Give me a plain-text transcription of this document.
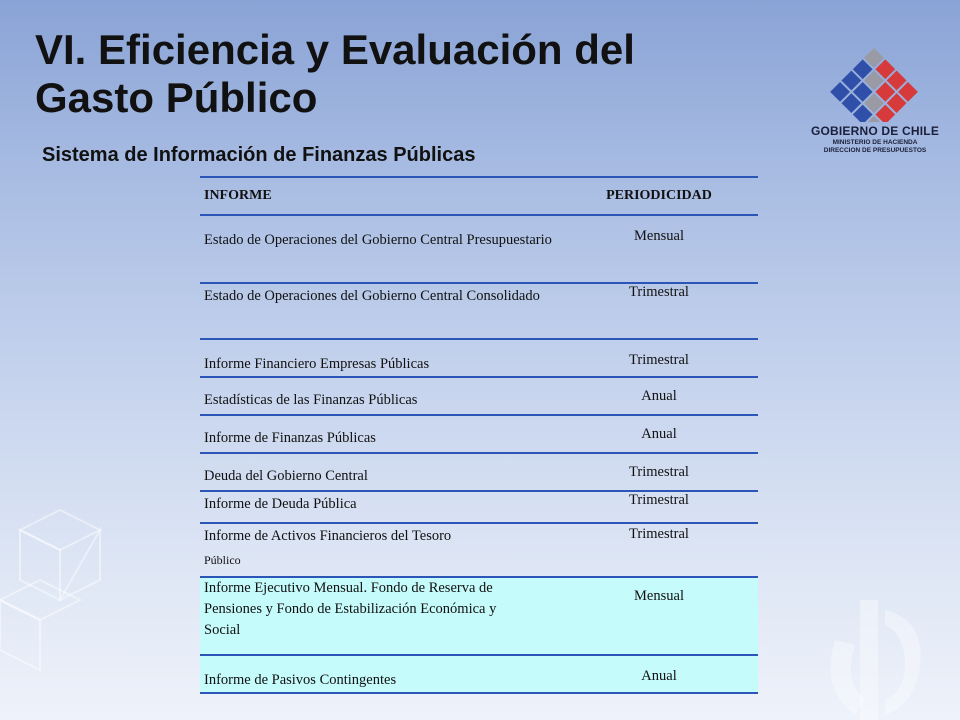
VI. Eficiencia y Evaluación del Gasto Público
Sistema de Información de Finanzas Públicas
GOBIERNO DE CHILE
MINISTERIO DE HACIENDA
DIRECCION DE PRESUPUESTOS
INFORME	PERIODICIDAD
Estado de Operaciones del Gobierno Central Presupuestario	Mensual
Estado de Operaciones del Gobierno Central Consolidado	Trimestral
Informe Financiero Empresas Públicas	Trimestral
Estadísticas de las Finanzas Públicas	Anual
Informe de Finanzas Públicas	Anual
Deuda del Gobierno Central	Trimestral
Informe de Deuda Pública	Trimestral

Informe de Activos Financieros del Tesoro
Público	Trimestral
Informe Ejecutivo Mensual. Fondo de Reserva de Pensiones y Fondo de Estabilización Económica y Social	Mensual
Informe de Pasivos Contingentes	Anual
